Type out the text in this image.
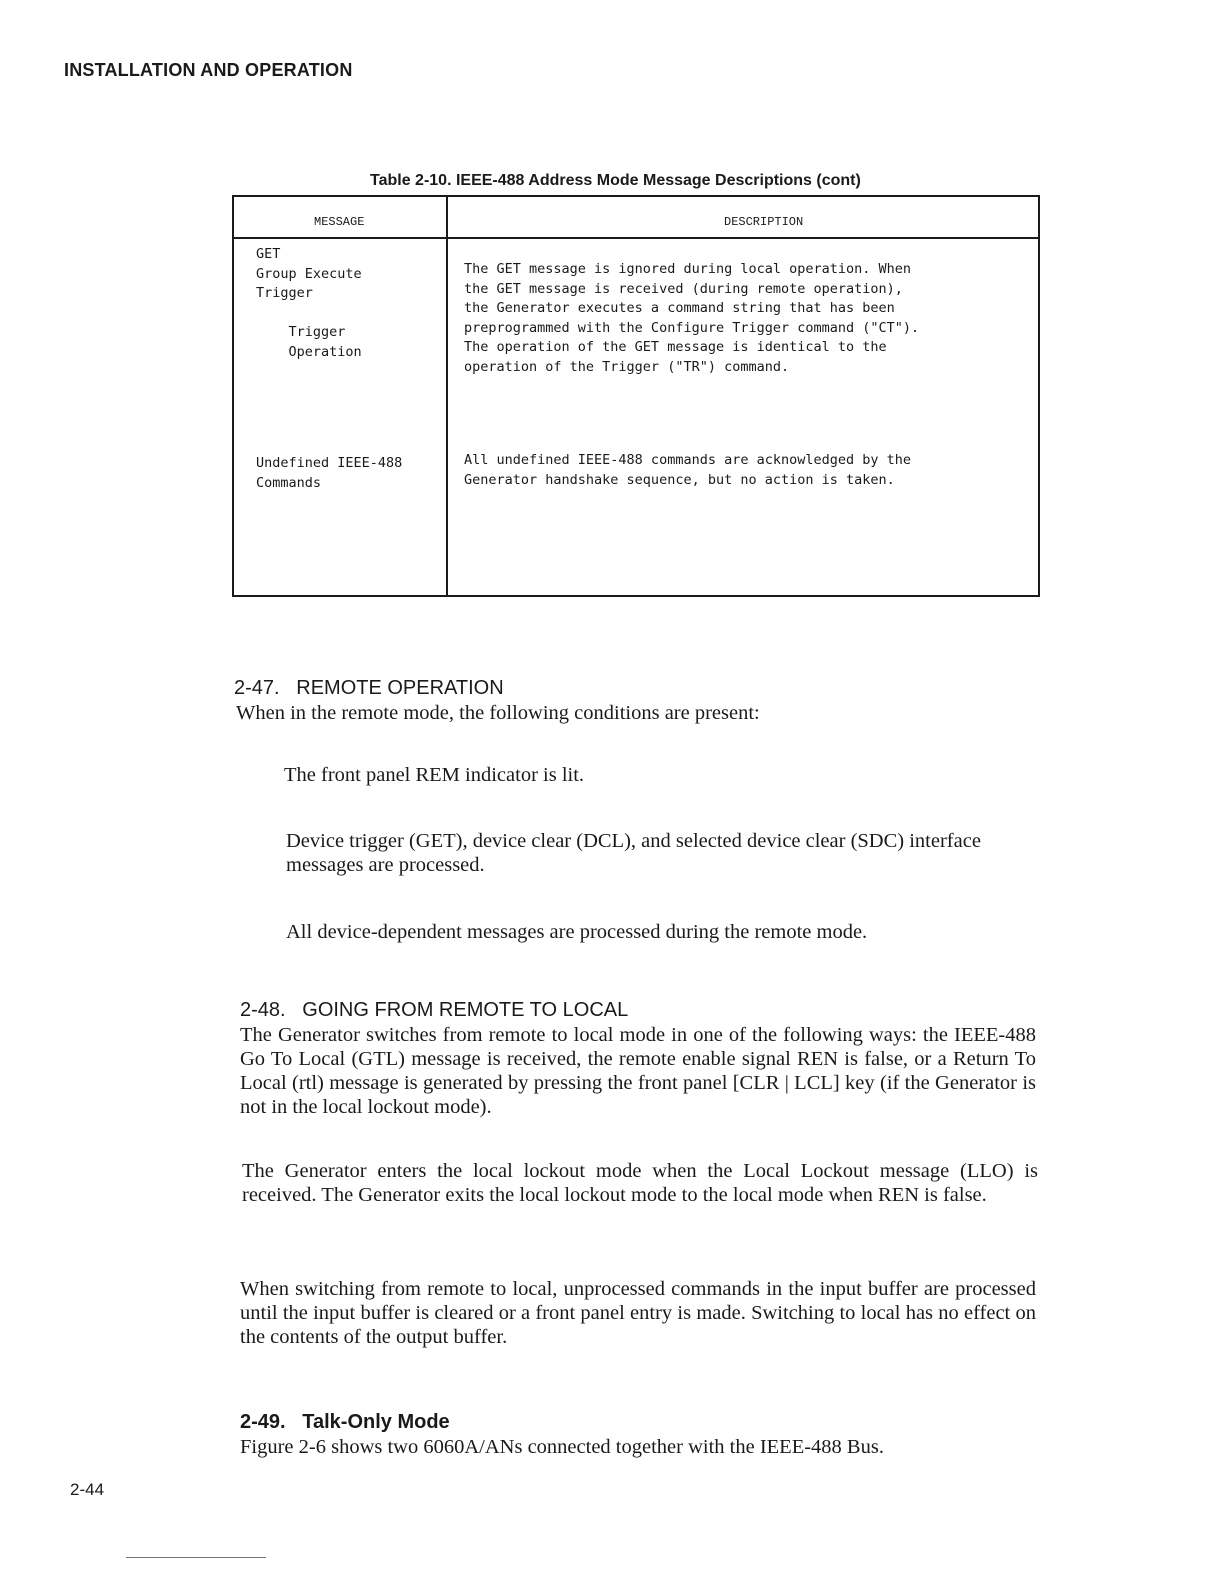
INSTALLATION AND OPERATION
Table 2-10. IEEE-488 Address Mode Message Descriptions (cont)
MESSAGE	DESCRIPTION
GET
Group Execute
Trigger

Trigger
Operation
The GET message is ignored during local operation. When
the GET message is received (during remote operation),
the Generator executes a command string that has been
preprogrammed with the Configure Trigger command ("CT").
The operation of the GET message is identical to the
operation of the Trigger ("TR") command.
Undefined IEEE-488
Commands
All undefined IEEE-488 commands are acknowledged by the
Generator handshake sequence, but no action is taken.
2-47.   REMOTE OPERATION
When in the remote mode, the following conditions are present:
The front panel REM indicator is lit.
Device trigger (GET), device clear (DCL), and selected device clear (SDC) interface messages are processed.
All device-dependent messages are processed during the remote mode.
2-48.   GOING FROM REMOTE TO LOCAL
The Generator switches from remote to local mode in one of the following ways: the IEEE-488 Go To Local (GTL) message is received, the remote enable signal REN is false, or a Return To Local (rtl) message is generated by pressing the front panel [CLR | LCL] key (if the Generator is not in the local lockout mode).
The Generator enters the local lockout mode when the Local Lockout message (LLO) is received. The Generator exits the local lockout mode to the local mode when REN is false.
When switching from remote to local, unprocessed commands in the input buffer are processed until the input buffer is cleared or a front panel entry is made. Switching to local has no effect on the contents of the output buffer.
2-49.   Talk-Only Mode
Figure 2-6 shows two 6060A/ANs connected together with the IEEE-488 Bus.
2-44
